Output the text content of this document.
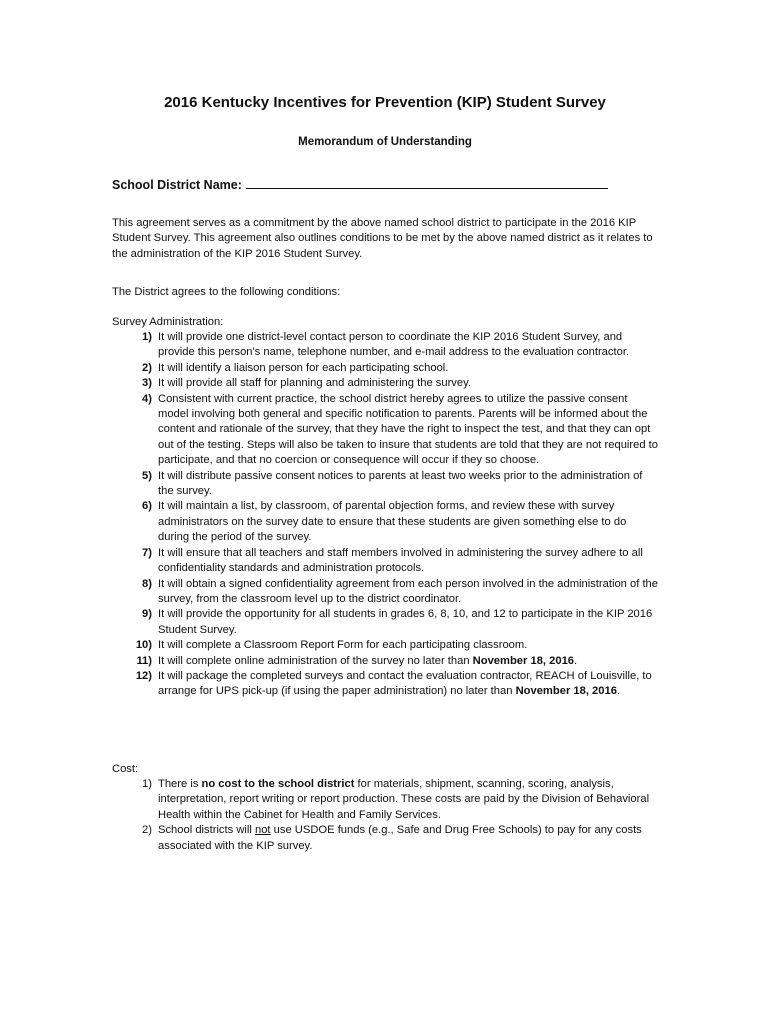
2016 Kentucky Incentives for Prevention (KIP) Student Survey
Memorandum of Understanding
School District Name:
This agreement serves as a commitment by the above named school district to participate in the 2016 KIP Student Survey. This agreement also outlines conditions to be met by the above named district as it relates to the administration of the KIP 2016 Student Survey.
The District agrees to the following conditions:
Survey Administration:
1) It will provide one district-level contact person to coordinate the KIP 2016 Student Survey, and provide this person's name, telephone number, and e-mail address to the evaluation contractor.
2) It will identify a liaison person for each participating school.
3) It will provide all staff for planning and administering the survey.
4) Consistent with current practice, the school district hereby agrees to utilize the passive consent model involving both general and specific notification to parents. Parents will be informed about the content and rationale of the survey, that they have the right to inspect the test, and that they can opt out of the testing. Steps will also be taken to insure that students are told that they are not required to participate, and that no coercion or consequence will occur if they so choose.
5) It will distribute passive consent notices to parents at least two weeks prior to the administration of the survey.
6) It will maintain a list, by classroom, of parental objection forms, and review these with survey administrators on the survey date to ensure that these students are given something else to do during the period of the survey.
7) It will ensure that all teachers and staff members involved in administering the survey adhere to all confidentiality standards and administration protocols.
8) It will obtain a signed confidentiality agreement from each person involved in the administration of the survey, from the classroom level up to the district coordinator.
9) It will provide the opportunity for all students in grades 6, 8, 10, and 12 to participate in the KIP 2016 Student Survey.
10) It will complete a Classroom Report Form for each participating classroom.
11) It will complete online administration of the survey no later than November 18, 2016.
12) It will package the completed surveys and contact the evaluation contractor, REACH of Louisville, to arrange for UPS pick-up (if using the paper administration) no later than November 18, 2016.
Cost:
1) There is no cost to the school district for materials, shipment, scanning, scoring, analysis, interpretation, report writing or report production. These costs are paid by the Division of Behavioral Health within the Cabinet for Health and Family Services.
2) School districts will not use USDOE funds (e.g., Safe and Drug Free Schools) to pay for any costs associated with the KIP survey.
